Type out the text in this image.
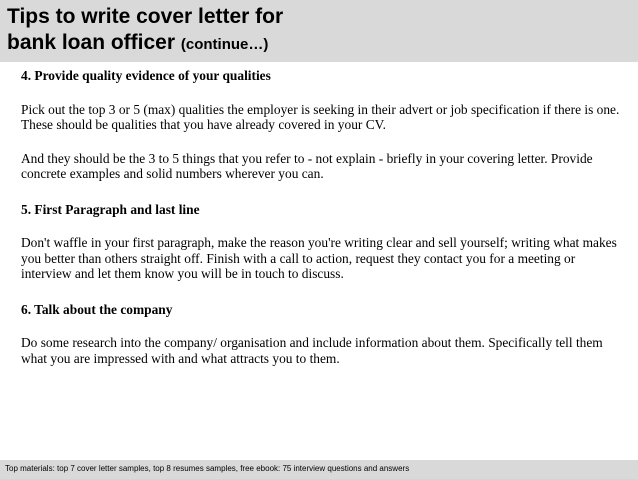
Tips to write cover letter for
bank loan officer (continue…)

4. Provide quality evidence of your qualities

Pick out the top 3 or 5 (max) qualities the employer is seeking in their advert or job specification if there is one. These should be qualities that you have already covered in your CV.

And they should be the 3 to 5 things that you refer to - not explain - briefly in your covering letter. Provide concrete examples and solid numbers wherever you can.

5. First Paragraph and last line

Don't waffle in your first paragraph, make the reason you're writing clear and sell yourself; writing what makes you better than others straight off. Finish with a call to action, request they contact you for a meeting or interview and let them know you will be in touch to discuss.

6. Talk about the company

Do some research into the company/ organisation and include information about them. Specifically tell them what you are impressed with and what attracts you to them.

Top materials: top 7 cover letter samples, top 8 resumes samples, free ebook: 75 interview questions and answers
